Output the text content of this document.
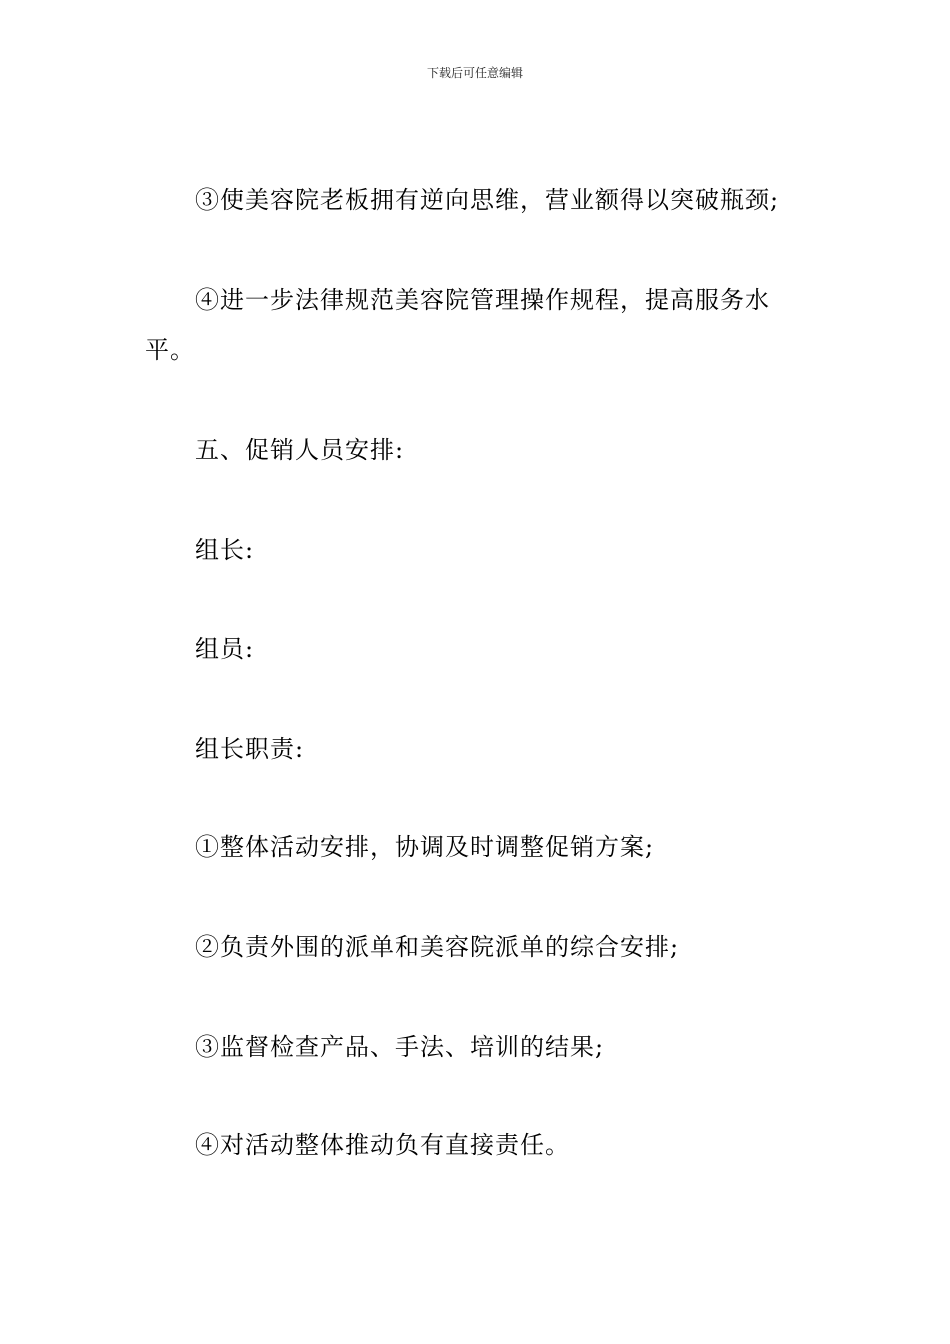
下载后可任意编辑
③使美容院老板拥有逆向思维，营业额得以突破瓶颈;
④进一步法律规范美容院管理操作规程，提高服务水
平。
五、促销人员安排:
组长:
组员:
组长职责:
①整体活动安排，协调及时调整促销方案;
②负责外围的派单和美容院派单的综合安排;
③监督检查产品、手法、培训的结果;
④对活动整体推动负有直接责任。
